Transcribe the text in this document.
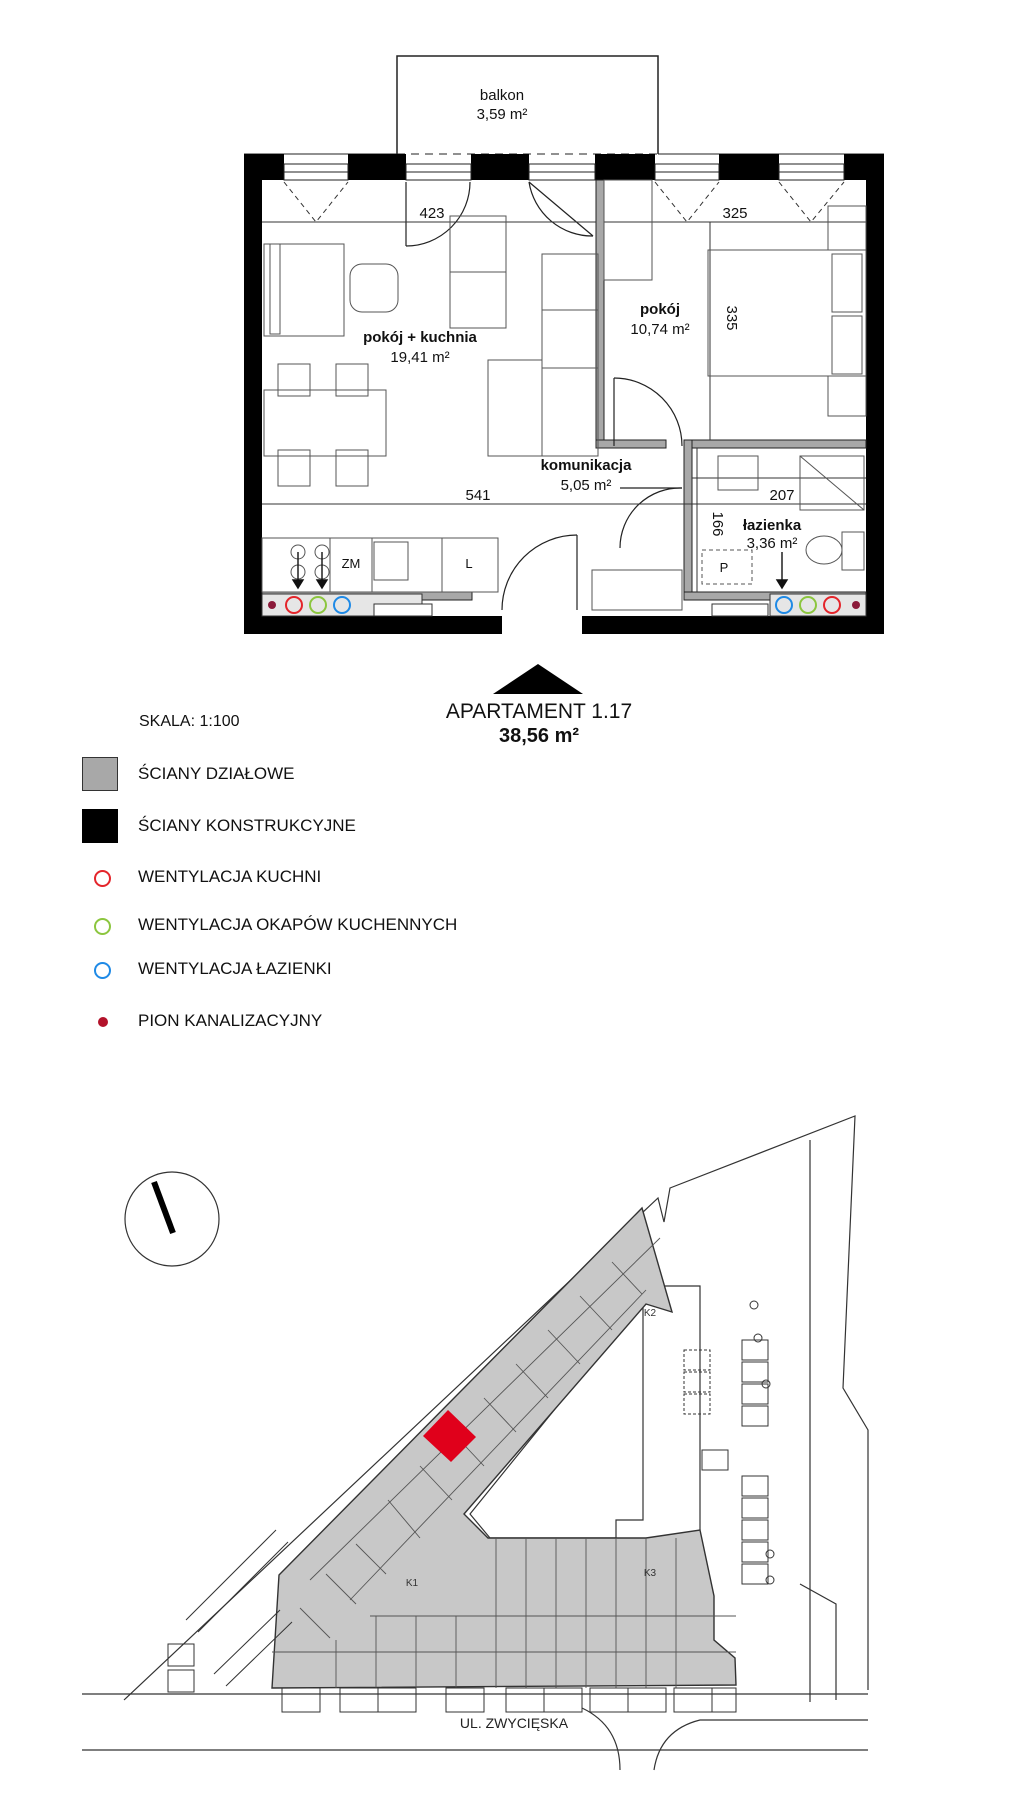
balkon
3,59 m²
pokój + kuchnia
19,41 m²
pokój
10,74 m²
komunikacja
5,05 m²
łazienka
3,36 m²
423	325
541	207
335
166
ZM	L	P
SKALA: 1:100	APARTAMENT 1.17
38,56 m²
ŚCIANY DZIAŁOWE
ŚCIANY KONSTRUKCYJNE
WENTYLACJA KUCHNI
WENTYLACJA OKAPÓW KUCHENNYCH
WENTYLACJA ŁAZIENKI
PION KANALIZACYJNY
K1
K2
K3
UL. ZWYCIĘSKA
